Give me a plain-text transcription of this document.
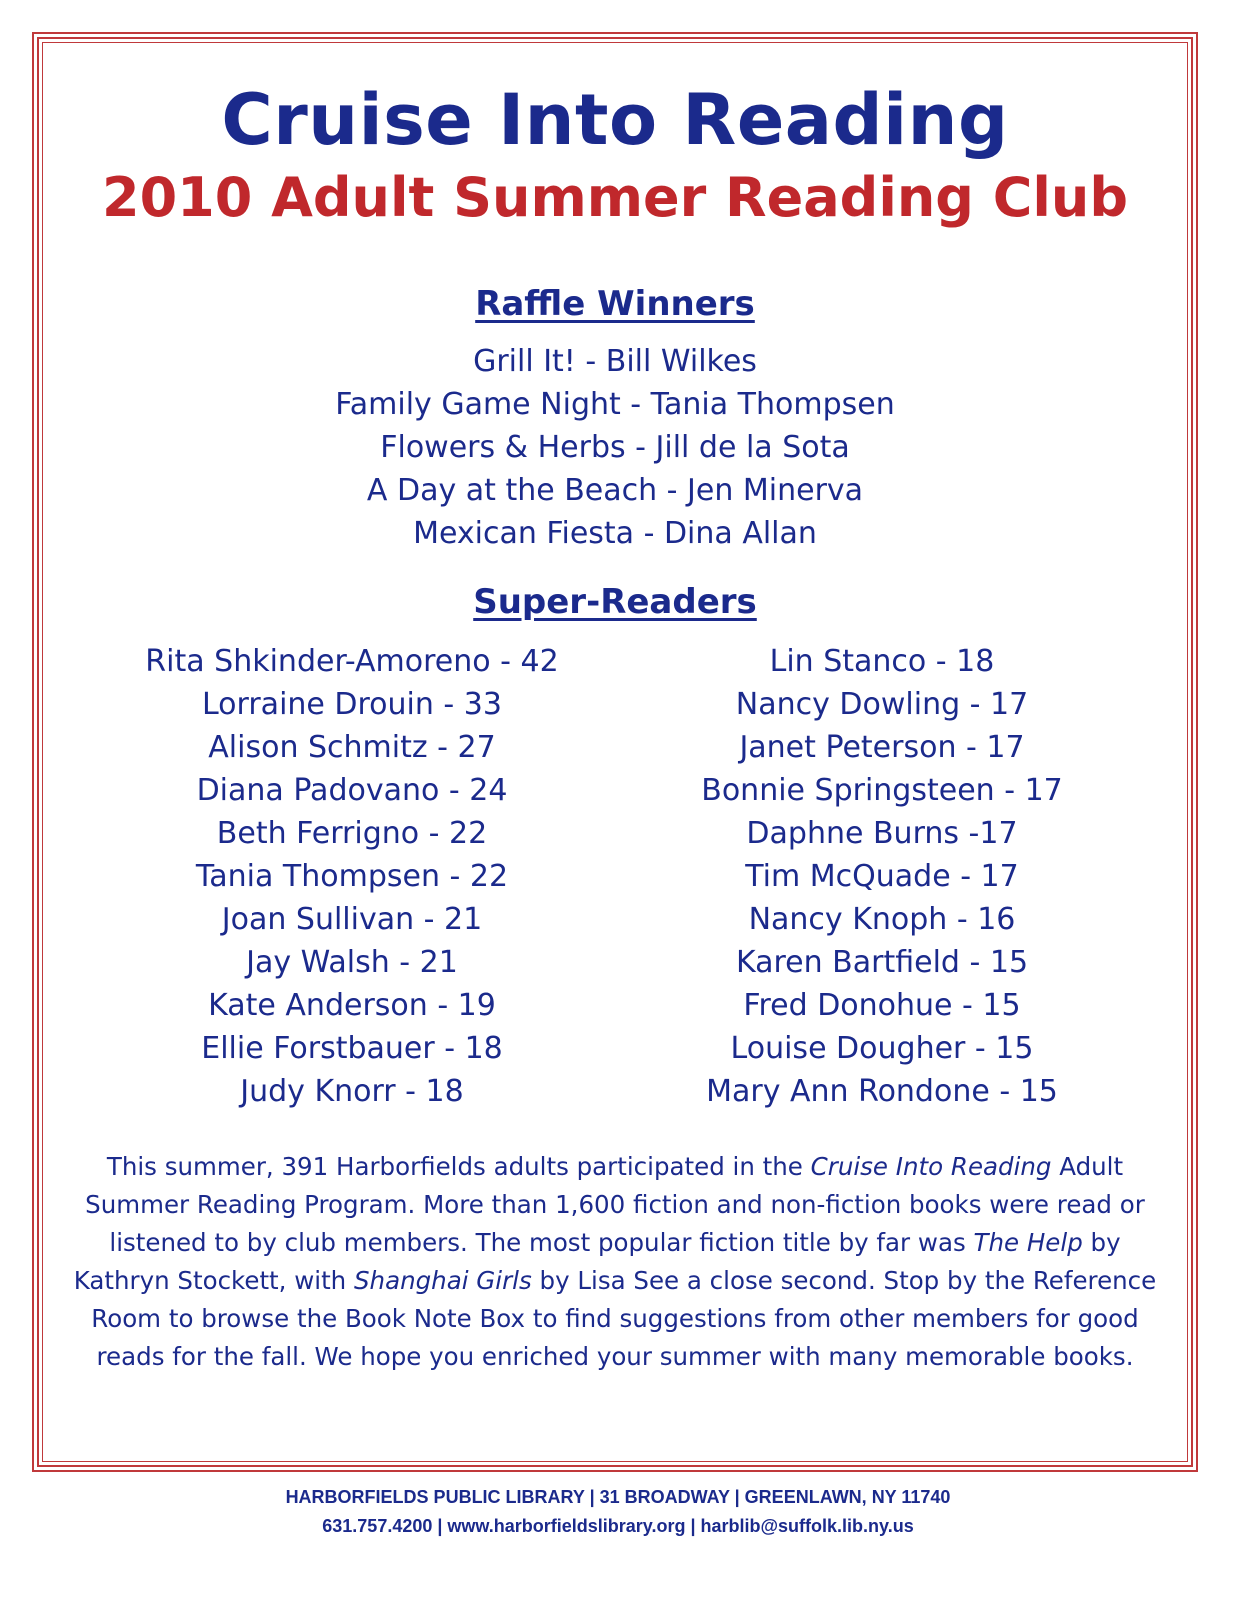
Cruise Into Reading
2010 Adult Summer Reading Club
Raffle Winners
Grill It! - Bill Wilkes
Family Game Night - Tania Thompsen
Flowers & Herbs - Jill de la Sota
A Day at the Beach - Jen Minerva
Mexican Fiesta - Dina Allan
Super-Readers
Rita Shkinder-Amoreno - 42
Lorraine Drouin - 33
Alison Schmitz - 27
Diana Padovano - 24
Beth Ferrigno - 22
Tania Thompsen - 22
Joan Sullivan - 21
Jay Walsh - 21
Kate Anderson - 19
Ellie Forstbauer - 18
Judy Knorr - 18
Lin Stanco - 18
Nancy Dowling - 17
Janet Peterson - 17
Bonnie Springsteen - 17
Daphne Burns -17
Tim McQuade - 17
Nancy Knoph - 16
Karen Bartfield - 15
Fred Donohue - 15
Louise Dougher - 15
Mary Ann Rondone - 15

This summer, 391 Harborfields adults participated in the Cruise Into Reading Adult Summer Reading Program. More than 1,600 fiction and non-fiction books were read or listened to by club members. The most popular fiction title by far was The Help by Kathryn Stockett, with Shanghai Girls by Lisa See a close second. Stop by the Reference Room to browse the Book Note Box to find suggestions from other members for good reads for the fall. We hope you enriched your summer with many memorable books.

HARBORFIELDS PUBLIC LIBRARY | 31 BROADWAY | GREENLAWN, NY 11740
631.757.4200 | www.harborfieldslibrary.org | harblib@suffolk.lib.ny.us
